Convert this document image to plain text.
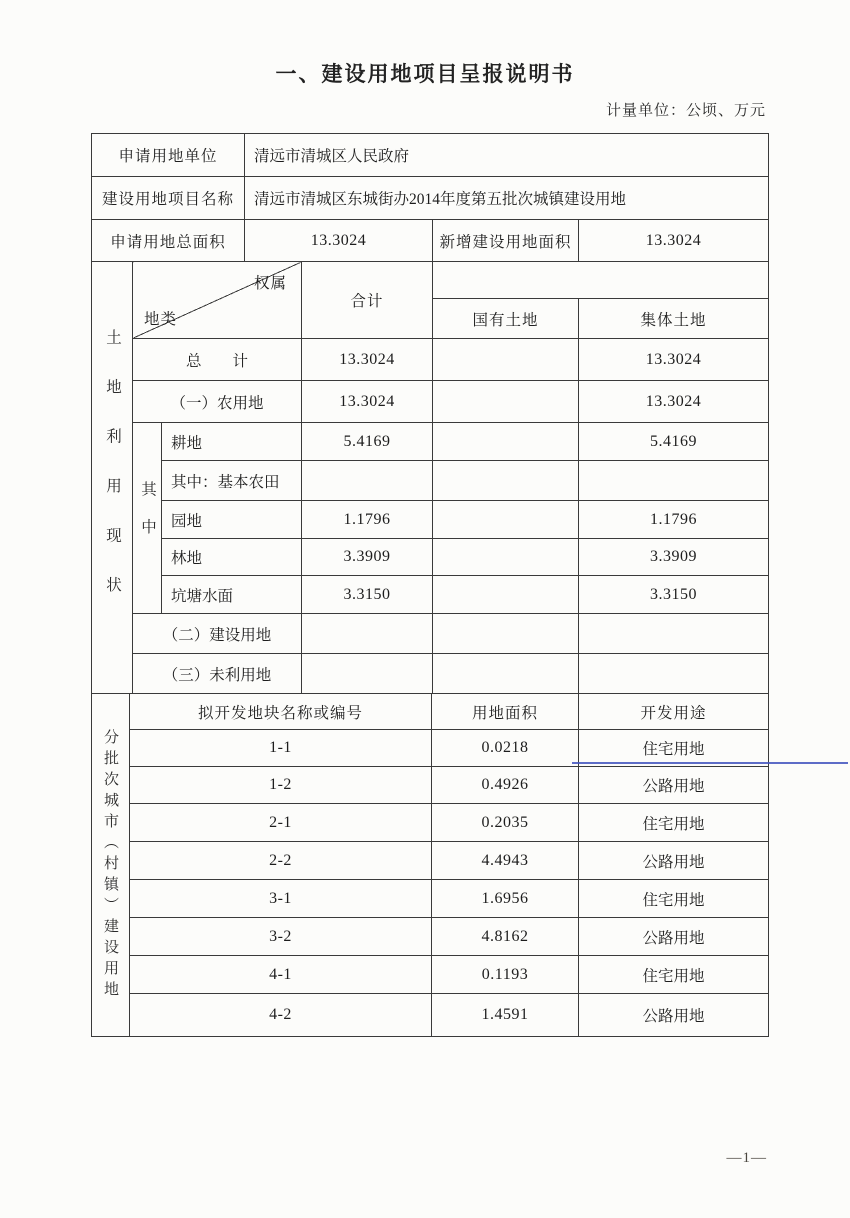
一、建设用地项目呈报说明书
计量单位：公顷、万元
申请用地单位	清远市清城区人民政府		
建设用地项目名称	清远市清城区东城街办2014年度第五批次城镇建设用地		
申请用地总面积	13.3024	新增建设用地面积	13.3024
土地利用现状	权属
地类		合计		
				国有土地	集体土地
	总　　计		13.3024		13.3024
	（一）农用地		13.3024		13.3024

	其中	耕地	5.4169		5.4169
		其中：基本农田			
		园地	1.1796		1.1796
		林地	3.3909		3.3909
		坑塘水面	3.3150		3.3150
	（二）建设用地				
	（三）未利用地				
分批次城市（村镇）建设用地	拟开发地块名称或编号	用地面积	开发用途
	1-1	0.0218	住宅用地
	1-2	0.4926	公路用地
	2-1	0.2035	住宅用地
	2-2	4.4943	公路用地
	3-1	1.6956	住宅用地
	3-2	4.8162	公路用地
	4-1	0.1193	住宅用地
	4-2	1.4591	公路用地
—1—
